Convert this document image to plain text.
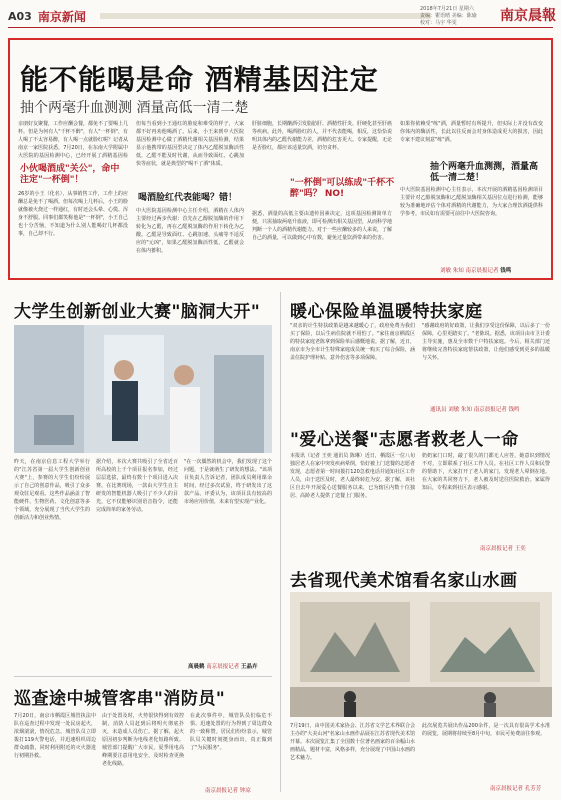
A03 南京新闻
2018年7月21日 星期六
责编：瞿语晴 美编：陈瑜
校对：马宇 华雯	南京晨報
能不能喝是命 酒精基因注定
抽个两毫升血测测 酒量高低一清二楚
亲朋好友聚餐，工作应酬会餐，都免不了要喝上几杯。但是为何有人"千杯不醉"，有人"一杯倒"，有人喝了不太容易醉，有人喝一点就脸红呢？记者从南京一家医院获悉，7月20日，在东南大学附属中大医院的基因检测中心，已经开展了酒精基因检
小伙喝酒成"关公"，命中注定"一杯倒"！
26岁的小王（化名），从事销售工作，工作上的应酬总是免不了喝酒。但每次喝上几杯后，小王的脸就像被火烧过一样通红，有时还会头晕、心慌、浑身不舒服。同事们都笑称他是"一杯倒"，小王自己也十分苦恼，不知道为什么别人能喝好几杯都没事，自己却不行。
但每当看到小王通红的脸庞和难受的样子，大家都不好再劝他喝酒了。后来，小王来到中大医院基因检测中心做了酒精代谢相关基因检测，结果显示他携带的基因型决定了体内乙醛脱氢酶活性低，乙醛不能及时代谢，从而导致面红、心跳加快等症状，就是典型的"喝不了酒"体质。
喝酒脸红代表能喝？错！
中大医院基因检测中心主任介绍，酒精在人体内主要经过两步代谢：首先在乙醇脱氢酶的作用下转化为乙醛，再在乙醛脱氢酶的作用下转化为乙酸。乙醛是导致面红、心跳加速、头痛等不适反应的"元凶"，如果乙醛脱氢酶活性低，乙醛就会在体内蓄积。
肝脏细胞，长期酗酒引发脂肪肝、酒精性肝炎、肝硬化甚至肝癌等疾病。此外，喝酒脸红的人，并不代表能喝，相反，这恰恰说明其体内的乙醛代谢能力差，酒精的危害更大。专家提醒，无论是否脸红，都应该适量饮酒，切勿贪杯。
"一杯倒"可以练成"千杯不醉"吗？ NO!
据悉，酒量的高低主要由遗传因素决定，这项基因检测简单方便，只需抽取两毫升血液，即可检测出相关基因型，从而科学地判断一个人的酒精代谢能力。对于一些应酬较多的人来说，了解自己的酒量，可以做到心中有数，避免过量饮酒带来的伤害。
如果你依赖受"练"酒，酒量暂时有所提升，但实际上并没有改变你体内的酶活性，长此以往反而会对身体造成更大的损害，因此专家不建议刻意"练"酒。
抽个两毫升血测测，酒量高低一清二楚！
中大医院基因检测中心主任表示，本次开展的酒精基因检测项目主要针对乙醇脱氢酶和乙醛脱氢酶相关基因位点进行检测，能够较为准确地评估个体对酒精的代谢能力，为大家合理饮酒提供科学参考。市民如有需要可前往中大医院咨询。
刘敏 朱知 南京晨报记者 钱鸣
大学生创新创业大赛"脑洞大开"
昨天，在南京信息工程大学举行的"江苏省第一届大学生创新创业大赛"上，参赛的大学生们纷纷展示了自己的创意作品，吸引了众多观众驻足观看。这些作品涵盖了智能硬件、生物医药、文化创意等多个领域，充分展现了当代大学生的创新活力和创业热情。
据介绍，本次大赛共吸引了全省近百所高校的上千个项目报名参加，经过层层选拔，最终有数十个项目进入决赛。在比赛现场，一款由大学生自主研发的智能机器人吸引了不少人的目光，它不仅能够识别语音指令，还能完成简单的家务劳动。
"在一次偶然的机会中，我们发现了这个问题，于是就萌生了研发的想法。"该项目负责人告诉记者，团队成员利用课余时间，经过多次试验，终于研发出了这款产品。评委认为，该项目具有较高的市场应用价值，未来有望实现产业化。
高晨鹤 南京晨报记者 王晶卉
暖心保险单温暖特扶家庭
"双亲的计生特扶政策是越来越暖心了，政府免费为我们买了保险，以后生病住院就不用怕了。"家住南京栖霞区的特扶家庭老陈拿到保险单后感慨地说。据了解，近日，南京市为全市计生特殊家庭成员统一购买了综合保险，涵盖住院护理补贴、意外伤害等多项保障。
"感谢政府的好政策，让我们享受这份保障，以后多了一份保障，心里更踏实了。"老陈说。据悉，该项目由市卫计委主导实施，惠及全市数千户特扶家庭。今后，相关部门还将继续完善特扶家庭帮扶政策，让他们感受到更多的温暖与关怀。
通讯员 刘敏 朱知 南京晨报记者 钱鸣
"爱心送餐"志愿者救老人一命
本报讯（记者 王奕 通讯员 陈琳）近日，栖霞区一位八旬独居老人在家中突发疾病晕倒，恰好被上门送餐的志愿者发现，志愿者第一时间拨打120急救电话并通知社区工作人员，由于送医及时，老人最终转危为安。据了解，该社区自去年开展爱心送餐服务以来，已为辖区内数十位独居、高龄老人提供了送餐上门服务。
奶奶家门口时，敲了很久的门都无人应答，她意识到情况不对，立即联系了社区工作人员。在社区工作人员和民警的帮助下，大家打开了老人的家门，发现老人晕倒在地。在大家的共同努力下，老人被及时送往医院救治。家属得知后，专程来到社区表示感谢。
南京晨报记者 王奕
去省现代美术馆看名家山水画
7月19日，由中国美术家协会、江苏省文学艺术界联合会主办的"大美山河"名家山水画作品展在江苏省现代美术馆开幕。本次展览汇集了全国数十位著名画家的百余幅山水画精品，题材丰富，风格多样，充分展现了中国山水画的艺术魅力。
此次展览共展出作品200余件，是一次具有很高学术水准的展览，展期将持续至8月中旬，市民可免费前往参观。
南京晨报记者 孔芳芳
巡查途中城管客串"消防员"
7月20日，南京市栖霞区城管执法中队在巡查过程中发现一处民房起火，浓烟滚滚，情况危急。城管队员立即拨打119火警电话，并迅速组织周边群众疏散，同时利用附近的灭火器进行初期扑救。
由于处置及时，火势很快得到有效控制，消防人员赶到后将明火彻底扑灭，未造成人员伤亡。据了解，起火原因初步判断为电线老化短路所致。城管部门提醒广大市民，夏季用电高峰期要注意用电安全，及时检查更换老化线路。
在此次事件中，城管队员们临危不惧、迅速处置的行为得到了周边群众的一致称赞。居民们纷纷表示，城管队员关键时刻挺身而出，真正做到了"为民服务"。
南京晨报记者 钟凉
